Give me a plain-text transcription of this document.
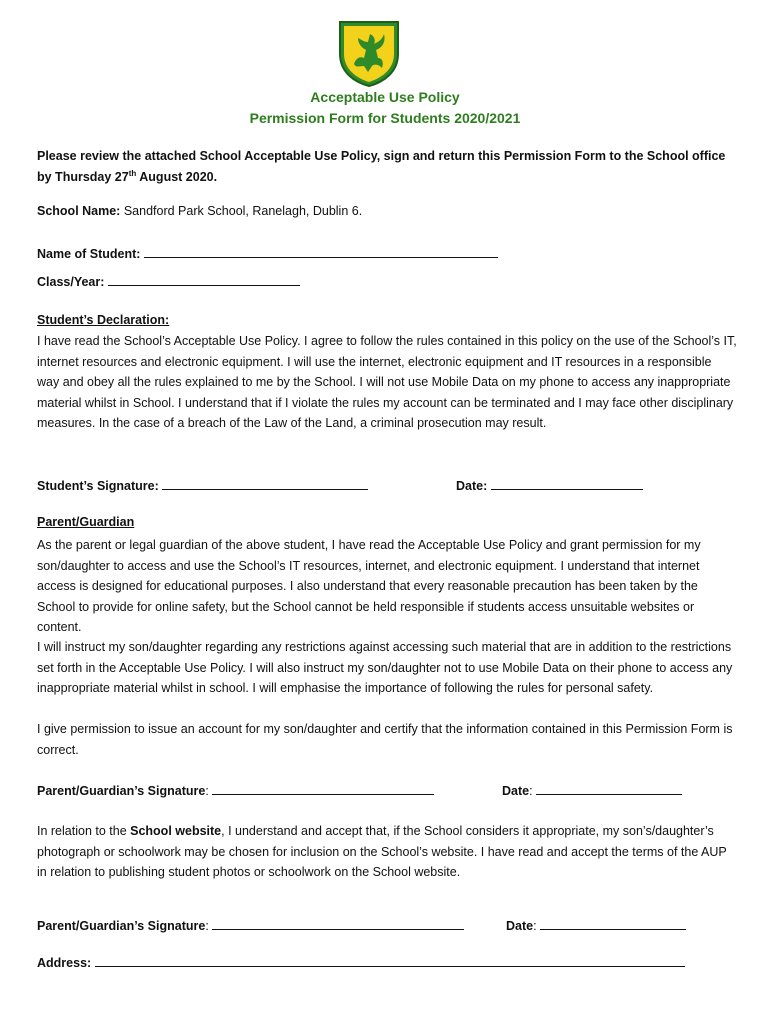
Acceptable Use Policy
Permission Form for Students 2020/2021

Please review the attached School Acceptable Use Policy, sign and return this Permission Form to the School office by Thursday 27th August 2020.

School Name: Sandford Park School, Ranelagh, Dublin 6.
Name of Student:
Class/Year:
Student’s Declaration:

I have read the School’s Acceptable Use Policy. I agree to follow the rules contained in this policy on the use of the School’s IT, internet resources and electronic equipment. I will use the internet, electronic equipment and IT resources in a responsible way and obey all the rules explained to me by the School. I will not use Mobile Data on my phone to access any inappropriate material whilst in School. I understand that if I violate the rules my account can be terminated and I may face other disciplinary measures. In the case of a breach of the Law of the Land, a criminal prosecution may result.

Student’s Signature:	Date:
Parent/Guardian

As the parent or legal guardian of the above student, I have read the Acceptable Use Policy and grant permission for my son/daughter to access and use the School’s IT resources, internet, and electronic equipment. I understand that internet access is designed for educational purposes. I also understand that every reasonable precaution has been taken by the School to provide for online safety, but the School cannot be held responsible if students access unsuitable websites or content.

I will instruct my son/daughter regarding any restrictions against accessing such material that are in addition to the restrictions set forth in the Acceptable Use Policy. I will also instruct my son/daughter not to use Mobile Data on their phone to access any inappropriate material whilst in school. I will emphasise the importance of following the rules for personal safety.

I give permission to issue an account for my son/daughter and certify that the information contained in this Permission Form is correct.

Parent/Guardian’s Signature:	Date:

In relation to the School website, I understand and accept that, if the School considers it appropriate, my son’s/daughter’s photograph or schoolwork may be chosen for inclusion on the School’s website. I have read and accept the terms of the AUP in relation to publishing student photos or schoolwork on the School website.

Parent/Guardian’s Signature:	Date:
Address:
